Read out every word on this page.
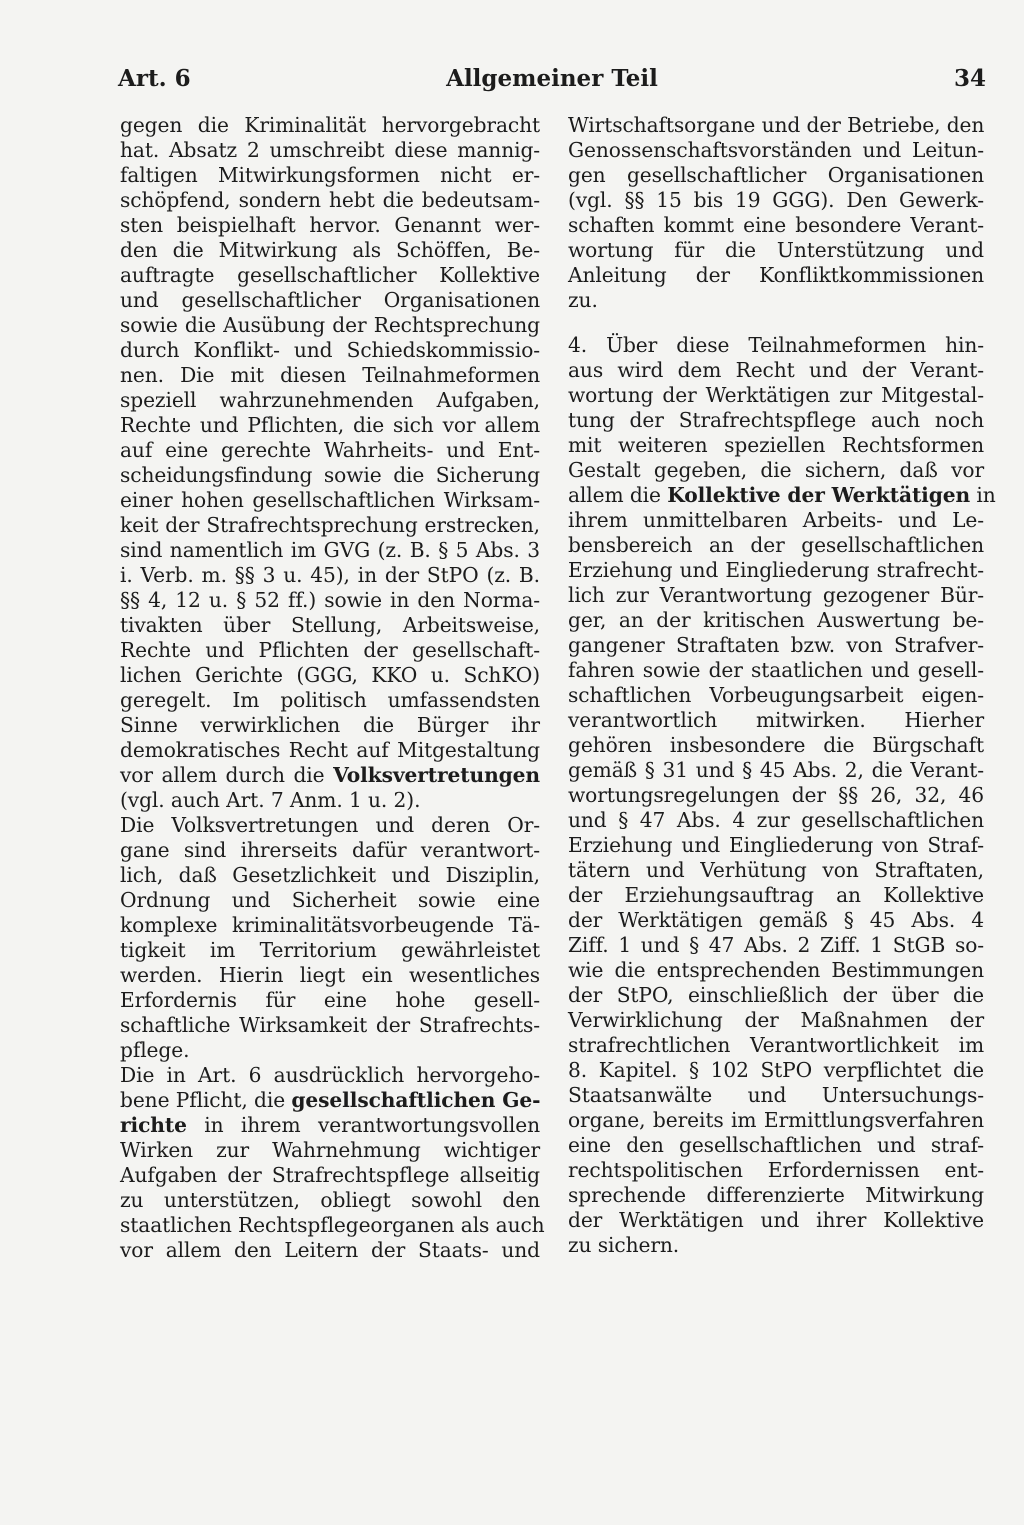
Art. 6	Allgemeiner Teil	34
gegen die Kriminalität hervorgebracht
hat. Absatz 2 umschreibt diese mannig-
faltigen Mitwirkungsformen nicht er-
schöpfend, sondern hebt die bedeutsam-
sten beispielhaft hervor. Genannt wer-
den die Mitwirkung als Schöffen, Be-
auftragte gesellschaftlicher Kollektive
und gesellschaftlicher Organisationen
sowie die Ausübung der Rechtsprechung
durch Konflikt- und Schiedskommissio-
nen. Die mit diesen Teilnahmeformen
speziell wahrzunehmenden Aufgaben,
Rechte und Pflichten, die sich vor allem
auf eine gerechte Wahrheits- und Ent-
scheidungsfindung sowie die Sicherung
einer hohen gesellschaftlichen Wirksam-
keit der Strafrechtsprechung erstrecken,
sind namentlich im GVG (z. B. § 5 Abs. 3
i. Verb. m. §§ 3 u. 45), in der StPO (z. B.
§§ 4, 12 u. § 52 ff.) sowie in den Norma-
tivakten über Stellung, Arbeitsweise,
Rechte und Pflichten der gesellschaft-
lichen Gerichte (GGG, KKO u. SchKO)
geregelt. Im politisch umfassendsten
Sinne verwirklichen die Bürger ihr
demokratisches Recht auf Mitgestaltung
vor allem durch die Volksvertretungen
(vgl. auch Art. 7 Anm. 1 u. 2).
Die Volksvertretungen und deren Or-
gane sind ihrerseits dafür verantwort-
lich, daß Gesetzlichkeit und Disziplin,
Ordnung und Sicherheit sowie eine
komplexe kriminalitätsvorbeugende Tä-
tigkeit im Territorium gewährleistet
werden. Hierin liegt ein wesentliches
Erfordernis für eine hohe gesell-
schaftliche Wirksamkeit der Strafrechts-
pflege.
Die in Art. 6 ausdrücklich hervorgeho-
bene Pflicht, die gesellschaftlichen Ge-
richte in ihrem verantwortungsvollen
Wirken zur Wahrnehmung wichtiger
Aufgaben der Strafrechtspflege allseitig
zu unterstützen, obliegt sowohl den
staatlichen Rechtspflegeorganen als auch
vor allem den Leitern der Staats- und
Wirtschaftsorgane und der Betriebe, den
Genossenschaftsvorständen und Leitun-
gen gesellschaftlicher Organisationen
(vgl. §§ 15 bis 19 GGG). Den Gewerk-
schaften kommt eine besondere Verant-
wortung für die Unterstützung und
Anleitung der Konfliktkommissionen
zu.
4. Über diese Teilnahmeformen hin-
aus wird dem Recht und der Verant-
wortung der Werktätigen zur Mitgestal-
tung der Strafrechtspflege auch noch
mit weiteren speziellen Rechtsformen
Gestalt gegeben, die sichern, daß vor
allem die Kollektive der Werktätigen in
ihrem unmittelbaren Arbeits- und Le-
bensbereich an der gesellschaftlichen
Erziehung und Eingliederung strafrecht-
lich zur Verantwortung gezogener Bür-
ger, an der kritischen Auswertung be-
gangener Straftaten bzw. von Strafver-
fahren sowie der staatlichen und gesell-
schaftlichen Vorbeugungsarbeit eigen-
verantwortlich mitwirken. Hierher
gehören insbesondere die Bürgschaft
gemäß § 31 und § 45 Abs. 2, die Verant-
wortungsregelungen der §§ 26, 32, 46
und § 47 Abs. 4 zur gesellschaftlichen
Erziehung und Eingliederung von Straf-
tätern und Verhütung von Straftaten,
der Erziehungsauftrag an Kollektive
der Werktätigen gemäß § 45 Abs. 4
Ziff. 1 und § 47 Abs. 2 Ziff. 1 StGB so-
wie die entsprechenden Bestimmungen
der StPO, einschließlich der über die
Verwirklichung der Maßnahmen der
strafrechtlichen Verantwortlichkeit im
8. Kapitel. § 102 StPO verpflichtet die
Staatsanwälte und Untersuchungs-
organe, bereits im Ermittlungsverfahren
eine den gesellschaftlichen und straf-
rechtspolitischen Erfordernissen ent-
sprechende differenzierte Mitwirkung
der Werktätigen und ihrer Kollektive
zu sichern.
